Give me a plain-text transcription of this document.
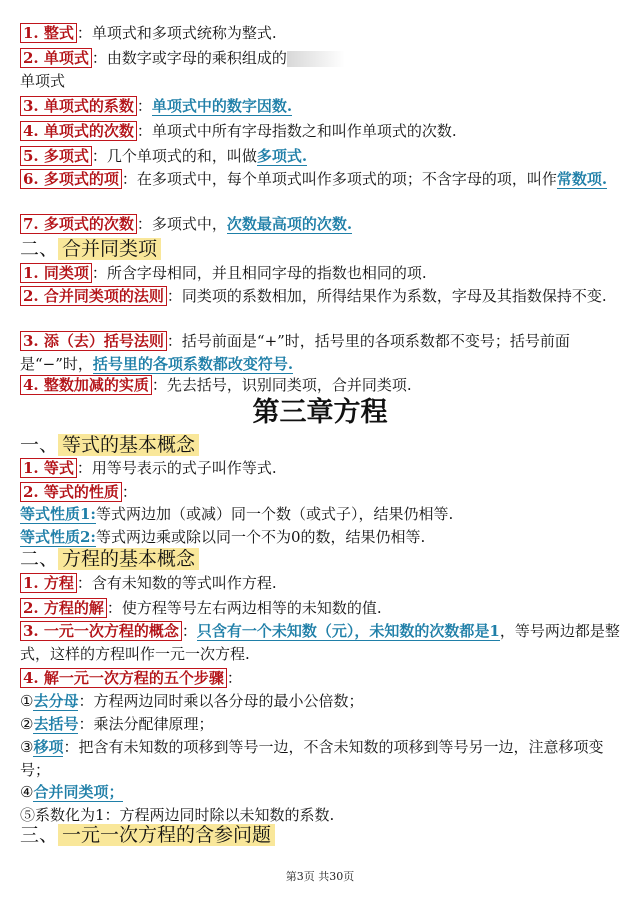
1. 整式 ：单项式和多项式统称为整式.
2. 单项式 ：由数字或字母的乘积组成的
单项式
3. 单项式的系数 ：单项式中的数字因数.
4. 单项式的次数 ：单项式中所有字母指数之和叫作单项式的次数.
5. 多项式 ：几个单项式的和，叫做多项式.
6. 多项式的项 ：在多项式中，每个单项式叫作多项式的项；不含字母的项，叫作常数项.
7. 多项式的次数 ：多项式中，次数最高项的次数.
二、 合并同类项
1. 同类项 ：所含字母相同，并且相同字母的指数也相同的项.
2. 合并同类项的法则 ：同类项的系数相加，所得结果作为系数，字母及其指数保持不变.
3. 添（去）括号法则 ：括号前面是“+”时，括号里的各项系数都不变号；括号前面是“−”时，括号里的各项系数都改变符号.
4. 整数加减的实质 ：先去括号，识别同类项，合并同类项.
第三章方程
一、 等式的基本概念
1. 等式 ：用等号表示的式子叫作等式.
2. 等式的性质 ：
等式性质1:等式两边加（或减）同一个数（或式子），结果仍相等.
等式性质2:等式两边乘或除以同一个不为0的数，结果仍相等.
二、 方程的基本概念
1. 方程 ：含有未知数的等式叫作方程.
2. 方程的解 ：使方程等号左右两边相等的未知数的值.
3. 一元一次方程的概念 ：只含有一个未知数（元），未知数的次数都是1，等号两边都是整式，这样的方程叫作一元一次方程.
4. 解一元一次方程的五个步骤 ：
①去分母：方程两边同时乘以各分母的最小公倍数；
②去括号：乘法分配律原理；
③移项：把含有未知数的项移到等号一边，不含未知数的项移到等号另一边，注意移项变号；
④合并同类项；
⑤系数化为1：方程两边同时除以未知数的系数.
三、 一元一次方程的含参问题
第3页 共30页
